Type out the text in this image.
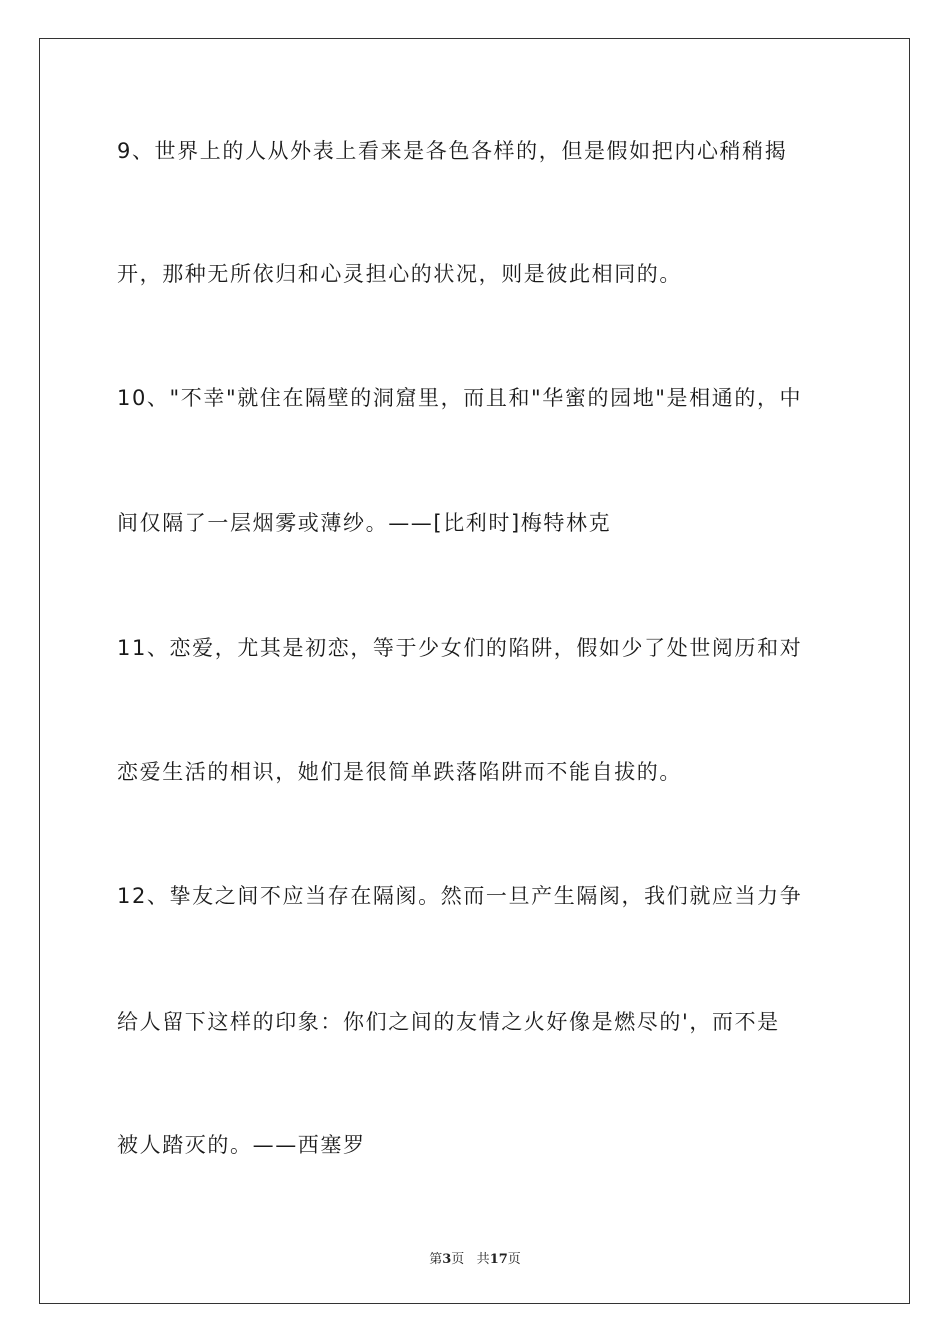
9、世界上的人从外表上看来是各色各样的，但是假如把内心稍稍揭
开，那种无所依归和心灵担心的状况，则是彼此相同的。
10、"不幸"就住在隔壁的洞窟里，而且和"华蜜的园地"是相通的，中
间仅隔了一层烟雾或薄纱。——[比利时]梅特林克
11、恋爱，尤其是初恋，等于少女们的陷阱，假如少了处世阅历和对
恋爱生活的相识，她们是很简单跌落陷阱而不能自拔的。
12、挚友之间不应当存在隔阂。然而一旦产生隔阂，我们就应当力争
给人留下这样的印象：你们之间的友情之火好像是燃尽的'，而不是
被人踏灭的。——西塞罗
第3页 共17页
